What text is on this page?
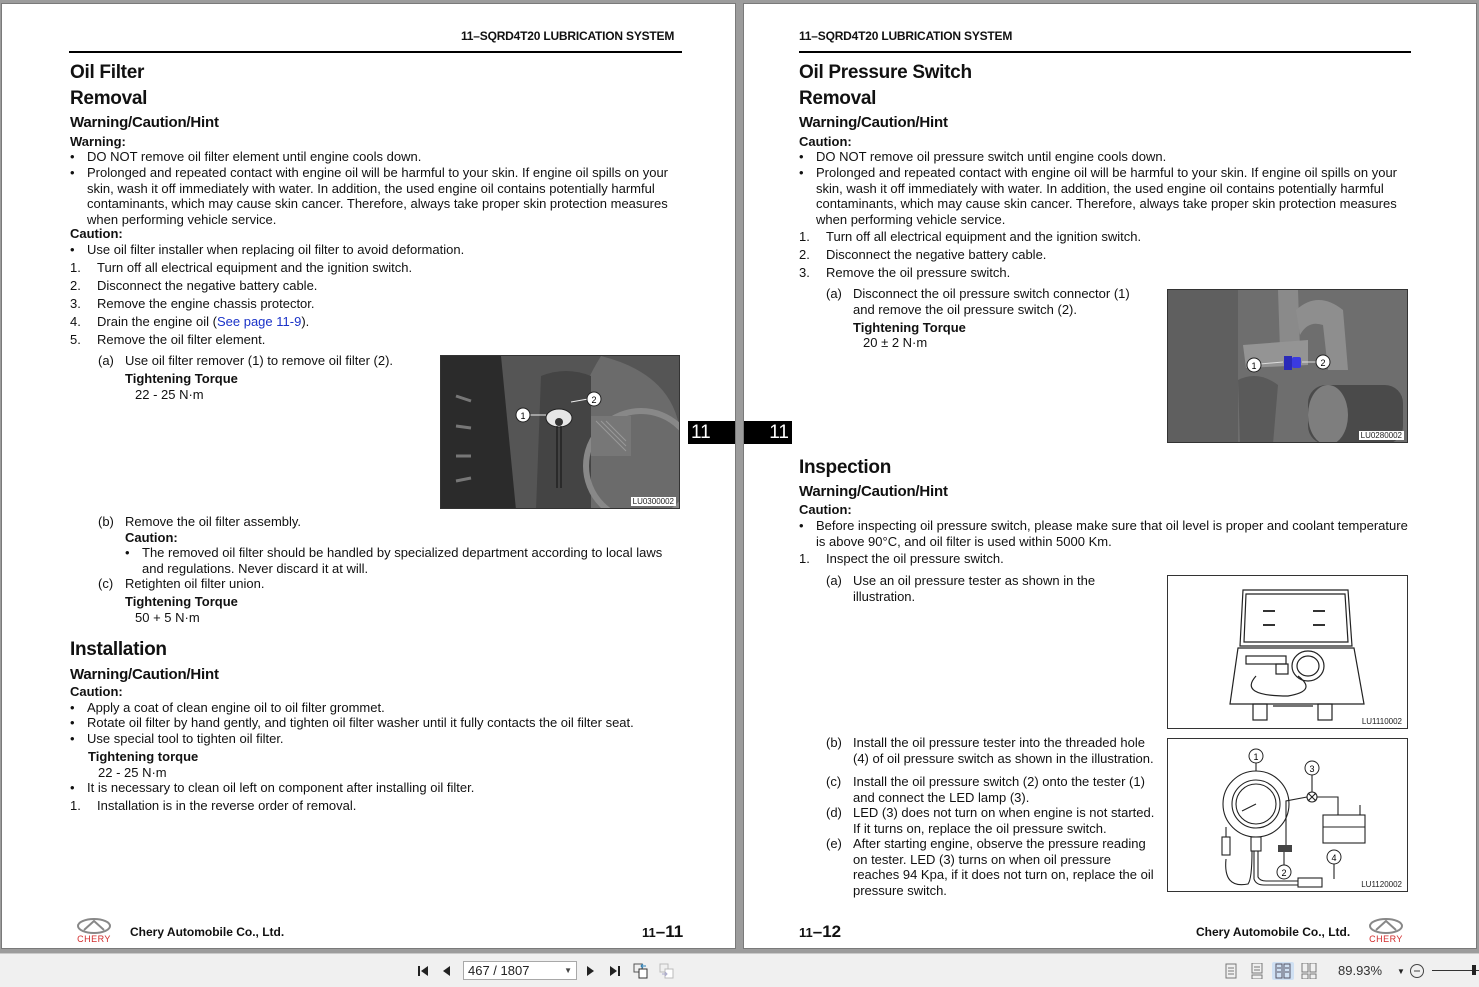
11–SQRD4T20 LUBRICATION SYSTEM
Oil Filter
Removal
Warning/Caution/Hint
Warning:
• DO NOT remove oil filter element until engine cools down.
• Prolonged and repeated contact with engine oil will be harmful to your skin. If engine oil spills on your
skin, wash it off immediately with water. In addition, the used engine oil contains potentially harmful
contaminants, which may cause skin cancer. Therefore, always take proper skin protection measures
when performing vehicle service.
Caution:
• Use oil filter installer when replacing oil filter to avoid deformation.
1. Turn off all electrical equipment and the ignition switch.
2. Disconnect the negative battery cable.
3. Remove the engine chassis protector.
4. Drain the engine oil (See page 11-9).
5. Remove the oil filter element.
(a) Use oil filter remover (1) to remove oil filter (2).
Tightening Torque
22 - 25 N·m
1
2
LU0300002
(b) Remove the oil filter assembly.
Caution:
• The removed oil filter should be handled by specialized department according to local laws
and regulations. Never discard it at will.
(c) Retighten oil filter union.
Tightening Torque
50 + 5 N·m
Installation
Warning/Caution/Hint
Caution:
• Apply a coat of clean engine oil to oil filter grommet.
• Rotate oil filter by hand gently, and tighten oil filter washer until it fully contacts the oil filter seat.
• Use special tool to tighten oil filter.
Tightening torque
22 - 25 N·m
• It is necessary to clean oil left on component after installing oil filter.
1. Installation is in the reverse order of removal.
CHERY	Chery Automobile Co., Ltd.	11–11
11
11–SQRD4T20 LUBRICATION SYSTEM
Oil Pressure Switch
Removal
Warning/Caution/Hint
Caution:
• DO NOT remove oil pressure switch until engine cools down.
• Prolonged and repeated contact with engine oil will be harmful to your skin. If engine oil spills on your
skin, wash it off immediately with water. In addition, the used engine oil contains potentially harmful
contaminants, which may cause skin cancer. Therefore, always take proper skin protection measures
when performing vehicle service.
1. Turn off all electrical equipment and the ignition switch.
2. Disconnect the negative battery cable.
3. Remove the oil pressure switch.
(a) Disconnect the oil pressure switch connector (1)
and remove the oil pressure switch (2).
Tightening Torque
20 ± 2 N·m
1	2
LU0280002
Inspection
Warning/Caution/Hint
Caution:
• Before inspecting oil pressure switch, please make sure that oil level is proper and coolant temperature
is above 90°C, and oil filter is used within 5000 Km.
1. Inspect the oil pressure switch.
(a) Use an oil pressure tester as shown in the
illustration.
LU1110002
(b) Install the oil pressure tester into the threaded hole
(4) of oil pressure switch as shown in the illustration.
(c) Install the oil pressure switch (2) onto the tester (1)
and connect the LED lamp (3).
(d) LED (3) does not turn on when engine is not started.
If it turns on, replace the oil pressure switch.
(e) After starting engine, observe the pressure reading
on tester. LED (3) turns on when oil pressure
reaches 94 Kpa, if it does not turn on, replace the oil
pressure switch.
1
2
3
4
LU1120002
11–12	Chery Automobile Co., Ltd.	CHERY
11
467 / 1807	▼	89.93% ▼
